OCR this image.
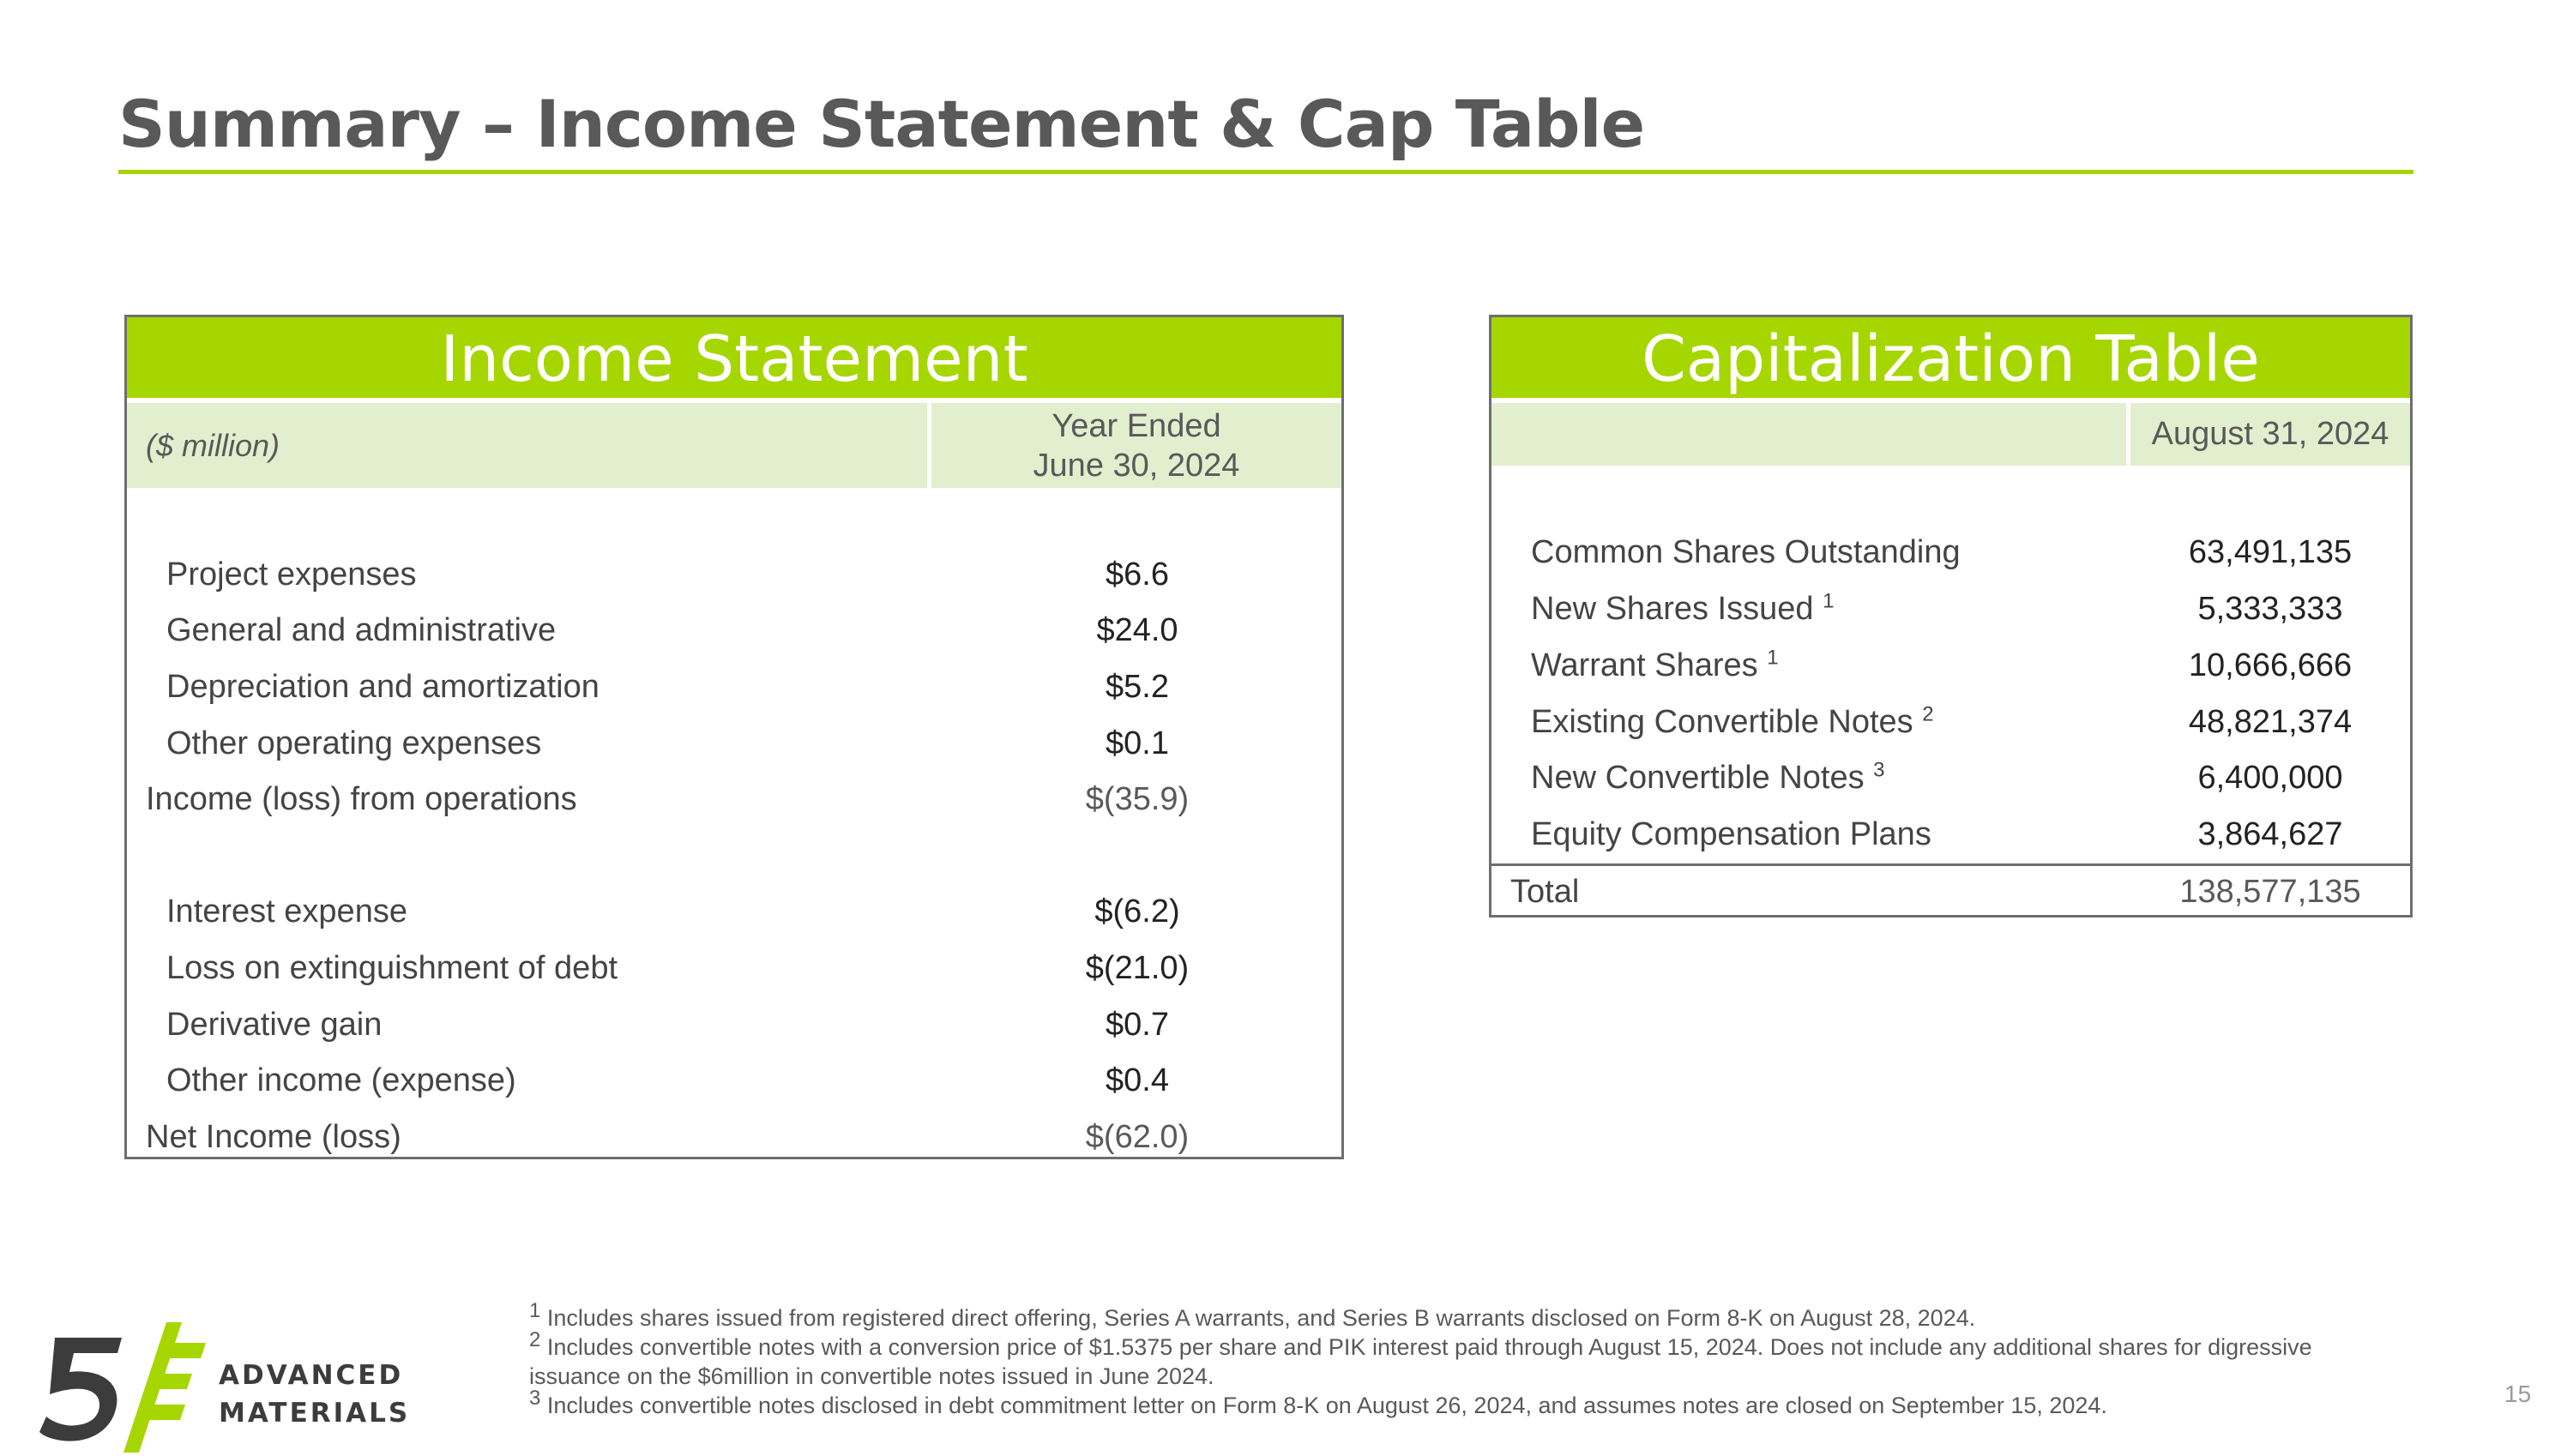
Summary – Income Statement & Cap Table
Income Statement
($ million)
Year Ended
June 30, 2024
Project expenses	$6.6
General and administrative	$24.0
Depreciation and amortization	$5.2
Other operating expenses	$0.1
Income (loss) from operations	$(35.9)
Interest expense	$(6.2)
Loss on extinguishment of debt	$(21.0)
Derivative gain	$0.7
Other income (expense)	$0.4
Net Income (loss)	$(62.0)
Capitalization Table
August 31, 2024
Common Shares Outstanding	63,491,135
New Shares Issued $^1$	5,333,333
Warrant Shares $^1$	10,666,666
Existing Convertible Notes $^2$	48,821,374
New Convertible Notes $^3$	6,400,000
Equity Compensation Plans	3,864,627
Total	138,577,135

$^1$ Includes shares issued from registered direct offering, Series A warrants, and Series B warrants disclosed on Form 8-K on August 28, 2024.

$^2$ Includes convertible notes with a conversion price of $1.5375 per share and PIK interest paid through August 15, 2024. Does not include any additional shares for digressive issuance on the $6million in convertible notes issued in June 2024.

$^3$ Includes convertible notes disclosed in debt commitment letter on Form 8-K on August 26, 2024, and assumes notes are closed on September 15, 2024.	15
ADVANCED
MATERIALS
